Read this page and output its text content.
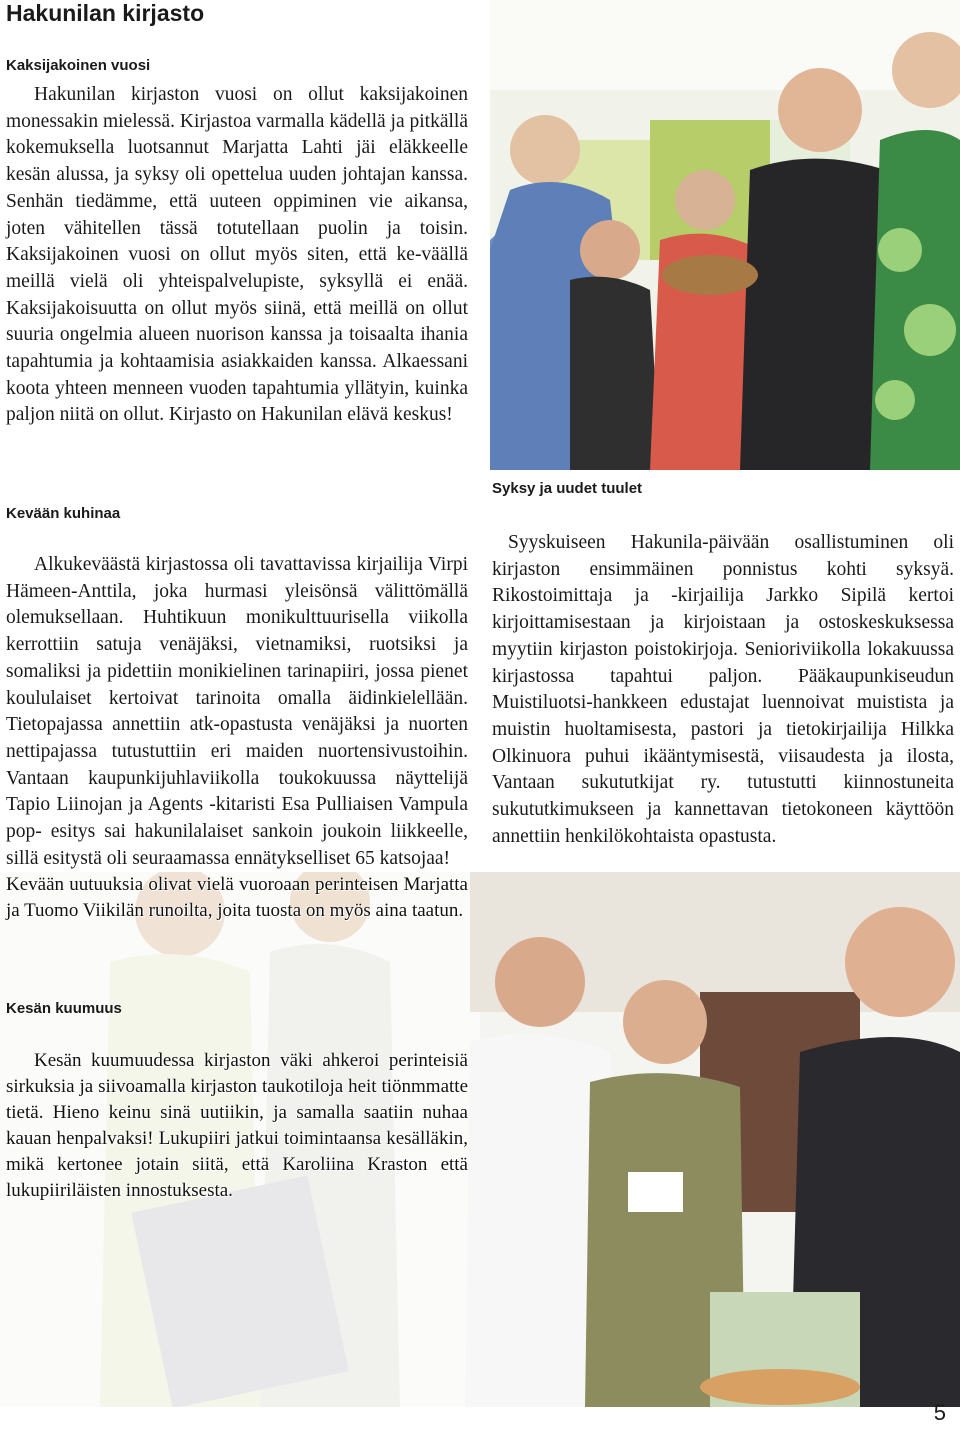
Hakunilan kirjasto
Kaksijakoinen vuosi

Hakunilan kirjaston vuosi on ollut kaksijakoinen monessakin mielessä. Kirjastoa varmalla kädellä ja pitkällä kokemuksella luotsannut Marjatta Lahti jäi eläkkeelle kesän alussa, ja syksy oli opettelua uuden johtajan kanssa. Senhän tiedämme, että uuteen oppiminen vie aikansa, joten vähitellen tässä totutellaan puolin ja toisin. Kaksijakoinen vuosi on ollut myös siten, että ke-väällä meillä vielä oli yhteispalvelupiste, syksyllä ei enää. Kaksijakoisuutta on ollut myös siinä, että meillä on ollut suuria ongelmia alueen nuorison kanssa ja toisaalta ihania tapahtumia ja kohtaamisia asiakkaiden kanssa. Alkaessani koota yhteen menneen vuoden tapahtumia yllätyin, kuinka paljon niitä on ollut. Kirjasto on Hakunilan elävä keskus!

Kevään kuhinaa

Alkukeväästä kirjastossa oli tavattavissa kirjailija Virpi Hämeen-Anttila, joka hurmasi yleisönsä välittömällä olemuksellaan. Huhtikuun monikulttuurisella viikolla kerrottiin satuja venäjäksi, vietnamiksi, ruotsiksi ja somaliksi ja pidettiin monikielinen tarinapiiri, jossa pienet koululaiset kertoivat tarinoita omalla äidinkielellään. Tietopajassa annettiin atk-opastusta venäjäksi ja nuorten nettipajassa tutustuttiin eri maiden nuortensivustoihin. Vantaan kaupunkijuhlaviikolla toukokuussa näyttelijä Tapio Liinojan ja Agents -kitaristi Esa Pulliaisen Vampula pop- esitys sai hakunilalaiset sankoin joukoin liikkeelle, sillä esitystä oli seuraamassa ennätykselliset 65 katsojaa!

Syksy ja uudet tuulet

Syyskuiseen Hakunila-päivään osallistuminen oli kirjaston ensimmäinen ponnistus kohti syksyä. Rikostoimittaja ja -kirjailija Jarkko Sipilä kertoi kirjoittamisestaan ja kirjoistaan ja ostoskeskuksessa myytiin kirjaston poistokirjoja. Senioriviikolla lokakuussa kirjastossa tapahtui paljon. Pääkaupunkiseudun Muistiluotsi-hankkeen edustajat luennoivat muistista ja muistin huoltamisesta, pastori ja tietokirjailija Hilkka Olkinuora puhui ikääntymisestä, viisaudesta ja ilosta, Vantaan sukututkijat ry. tutustutti kiinnostuneita sukututkimukseen ja kannettavan tietokoneen käyttöön annettiin henkilökohtaista opastusta.

Kevään uutuuksia olivat vielä vuoroaan perinteisen Marjatta ja Tuomo Viikilän runoilta, joita tuosta on myös aina taatun.

Kesän kuumuus

Kesän kuumuudessa kirjaston väki ahkeroi perinteisiä sirkuksia ja siivoamalla kirjaston taukotiloja heit tiönmmatte tietä. Hieno keinu sinä uutiikin, ja samalla saatiin nuhaa kauan henpalvaksi! Lukupiiri jatkui toimintaansa kesälläkin, mikä kertonee jotain siitä, että Karoliina Kraston että lukupiiriläisten innostuksesta.

5
